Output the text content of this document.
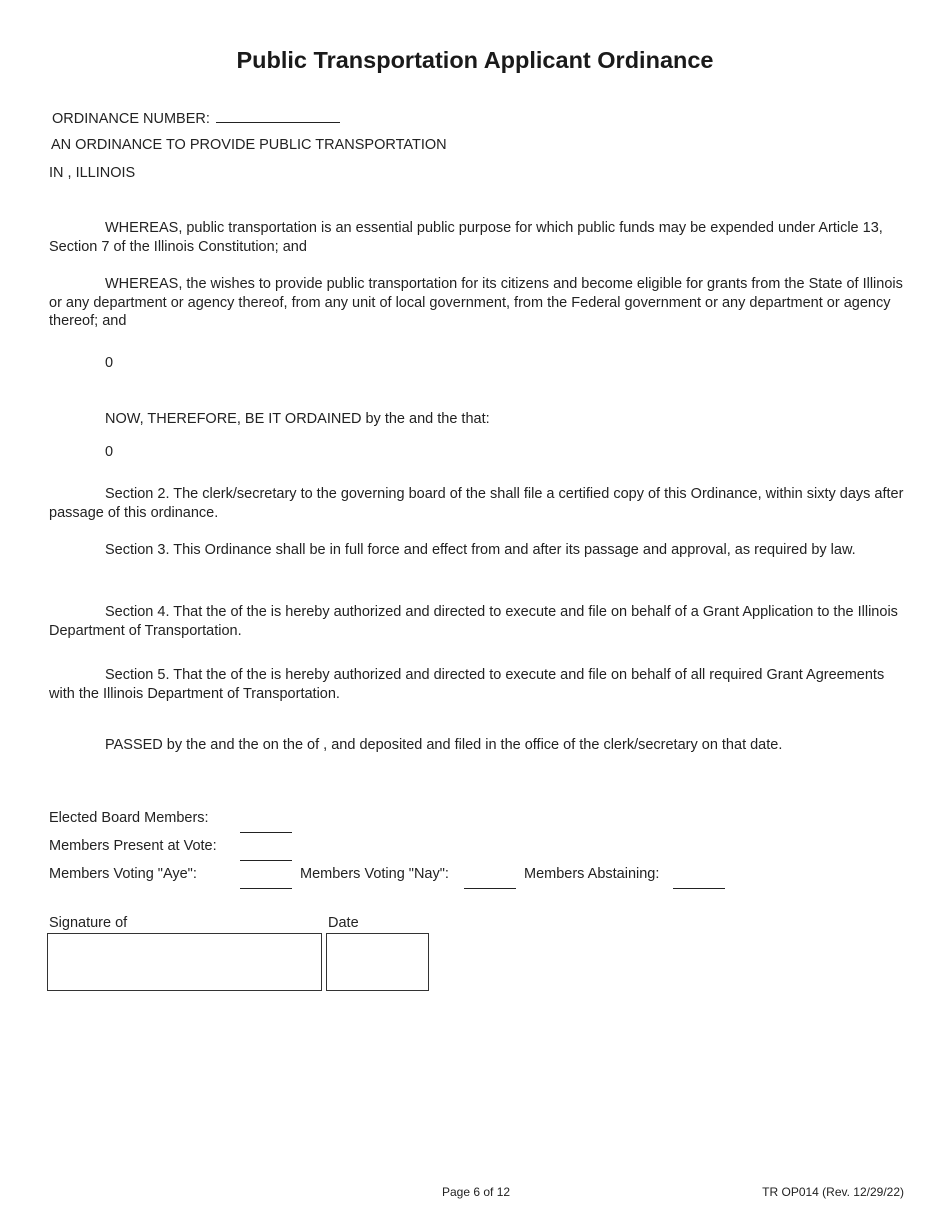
Public Transportation Applicant Ordinance
ORDINANCE NUMBER:
AN ORDINANCE TO PROVIDE PUBLIC TRANSPORTATION
IN , ILLINOIS
WHEREAS, public transportation is an essential public purpose for which public funds may be expended under Article 13, Section 7 of the Illinois Constitution; and
WHEREAS, the wishes to provide public transportation for its citizens and become eligible for grants from the State of Illinois or any department or agency thereof, from any unit of local government, from the Federal government or any department or agency thereof; and
0
NOW, THEREFORE, BE IT ORDAINED by the and the that:
0
Section 2. The clerk/secretary to the governing board of the shall file a certified copy of this Ordinance, within sixty days after passage of this ordinance.
Section 3. This Ordinance shall be in full force and effect from and after its passage and approval, as required by law.
Section 4. That the of the is hereby authorized and directed to execute and file on behalf of a Grant Application to the Illinois Department of Transportation.
Section 5. That the of the is hereby authorized and directed to execute and file on behalf of all required Grant Agreements with the Illinois Department of Transportation.
PASSED by the and the on the of , and deposited and filed in the office of the clerk/secretary on that date.
Elected Board Members:
Members Present at Vote:
Members Voting "Aye":	Members Voting "Nay":	Members Abstaining:
Signature of	Date
Page 6 of 12	TR OP014 (Rev. 12/29/22)
